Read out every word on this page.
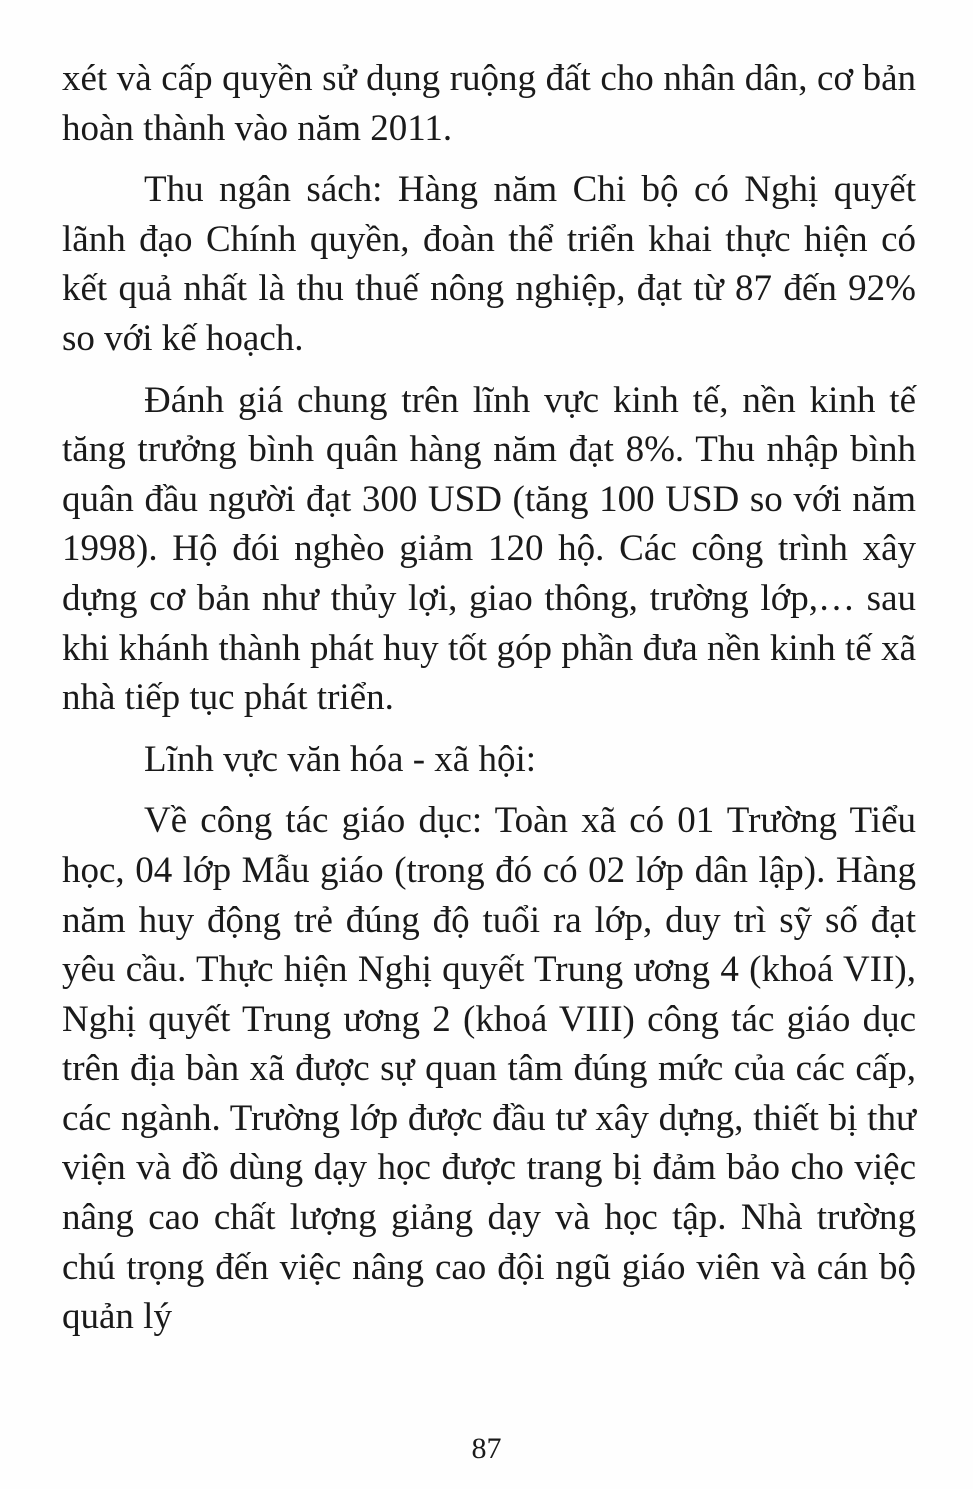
xét và cấp quyền sử dụng ruộng đất cho nhân dân, cơ bản hoàn thành vào năm 2011.

Thu ngân sách: Hàng năm Chi bộ có Nghị quyết lãnh đạo Chính quyền, đoàn thể triển khai thực hiện có kết quả nhất là thu thuế nông nghiệp, đạt từ 87 đến 92% so với kế hoạch.

Đánh giá chung trên lĩnh vực kinh tế, nền kinh tế tăng trưởng bình quân hàng năm đạt 8%. Thu nhập bình quân đầu người đạt 300 USD (tăng 100 USD so với năm 1998). Hộ đói nghèo giảm 120 hộ. Các công trình xây dựng cơ bản như thủy lợi, giao thông, trường lớp,… sau khi khánh thành phát huy tốt góp phần đưa nền kinh tế xã nhà tiếp tục phát triển.

Lĩnh vực văn hóa - xã hội:

Về công tác giáo dục: Toàn xã có 01 Trường Tiểu học, 04 lớp Mẫu giáo (trong đó có 02 lớp dân lập). Hàng năm huy động trẻ đúng độ tuổi ra lớp, duy trì sỹ số đạt yêu cầu. Thực hiện Nghị quyết Trung ương 4 (khoá VII), Nghị quyết Trung ương 2 (khoá VIII) công tác giáo dục trên địa bàn xã được sự quan tâm đúng mức của các cấp, các ngành. Trường lớp được đầu tư xây dựng, thiết bị thư viện và đồ dùng dạy học được trang bị đảm bảo cho việc nâng cao chất lượng giảng dạy và học tập. Nhà trường chú trọng đến việc nâng cao đội ngũ giáo viên và cán bộ quản lý

87
